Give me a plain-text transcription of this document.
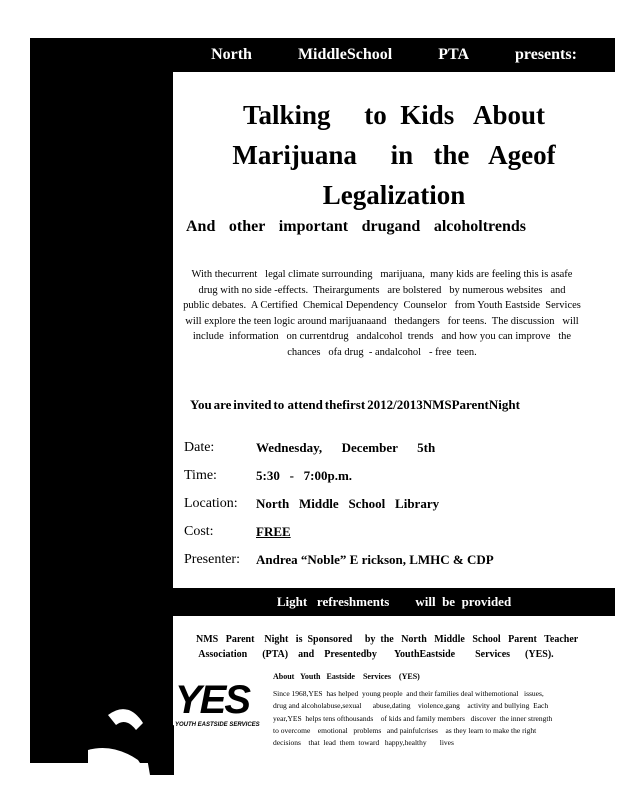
North	MiddleSchool	PTA	presents:
Talking     to  Kids   About
Marijuana     in   the   Ageof
Legalization
And other important drugand alcoholtrends
With thecurrent   legal climate surrounding   marijuana,  many kids are feeling this is asafe
drug with no side -effects.  Theirarguments   are bolstered   by numerous websites   and
public debates.  A Certified  Chemical Dependency  Counselor   from Youth Eastside  Services
will explore the teen logic around marijuanaand   thedangers   for teens.  The discussion   will
include  information   on currentdrug   andalcohol  trends   and how you can improve   the
chances   ofa drug  - andalcohol   - free  teen.
You are invited to attend thefirst 2012/2013NMSParentNight
Date:	Wednesday,      December      5th
Time:	5:30   -   7:00p.m.
Location:	North   Middle   School   Library
Cost:	FREE
Presenter:	Andrea “Noble” E rickson, LMHC & CDP
Light   refreshments        will  be  provided
NMS   Parent    Night   is  Sponsored     by  the   North   Middle   School   Parent   Teacher
Association      (PTA)    and    Presentedby       YouthEastside        Services      (YES).
About   Youth   Eastside    Services    (YES)
Since 1968,YES  has helped  young people  and their families deal withemotional   issues,
drug and alcoholabuse,sexual      abuse,dating    violence,gang    activity and bullying  Each
year,YES  helps tens ofthousands    of kids and family members   discover  the inner strength
to overcome    emotional   problems   and painfulcrises    as they learn to make the right
decisions    that  lead  them  toward   happy,healthy       lives
YES
YOUTH EASTSIDE SERVICES
